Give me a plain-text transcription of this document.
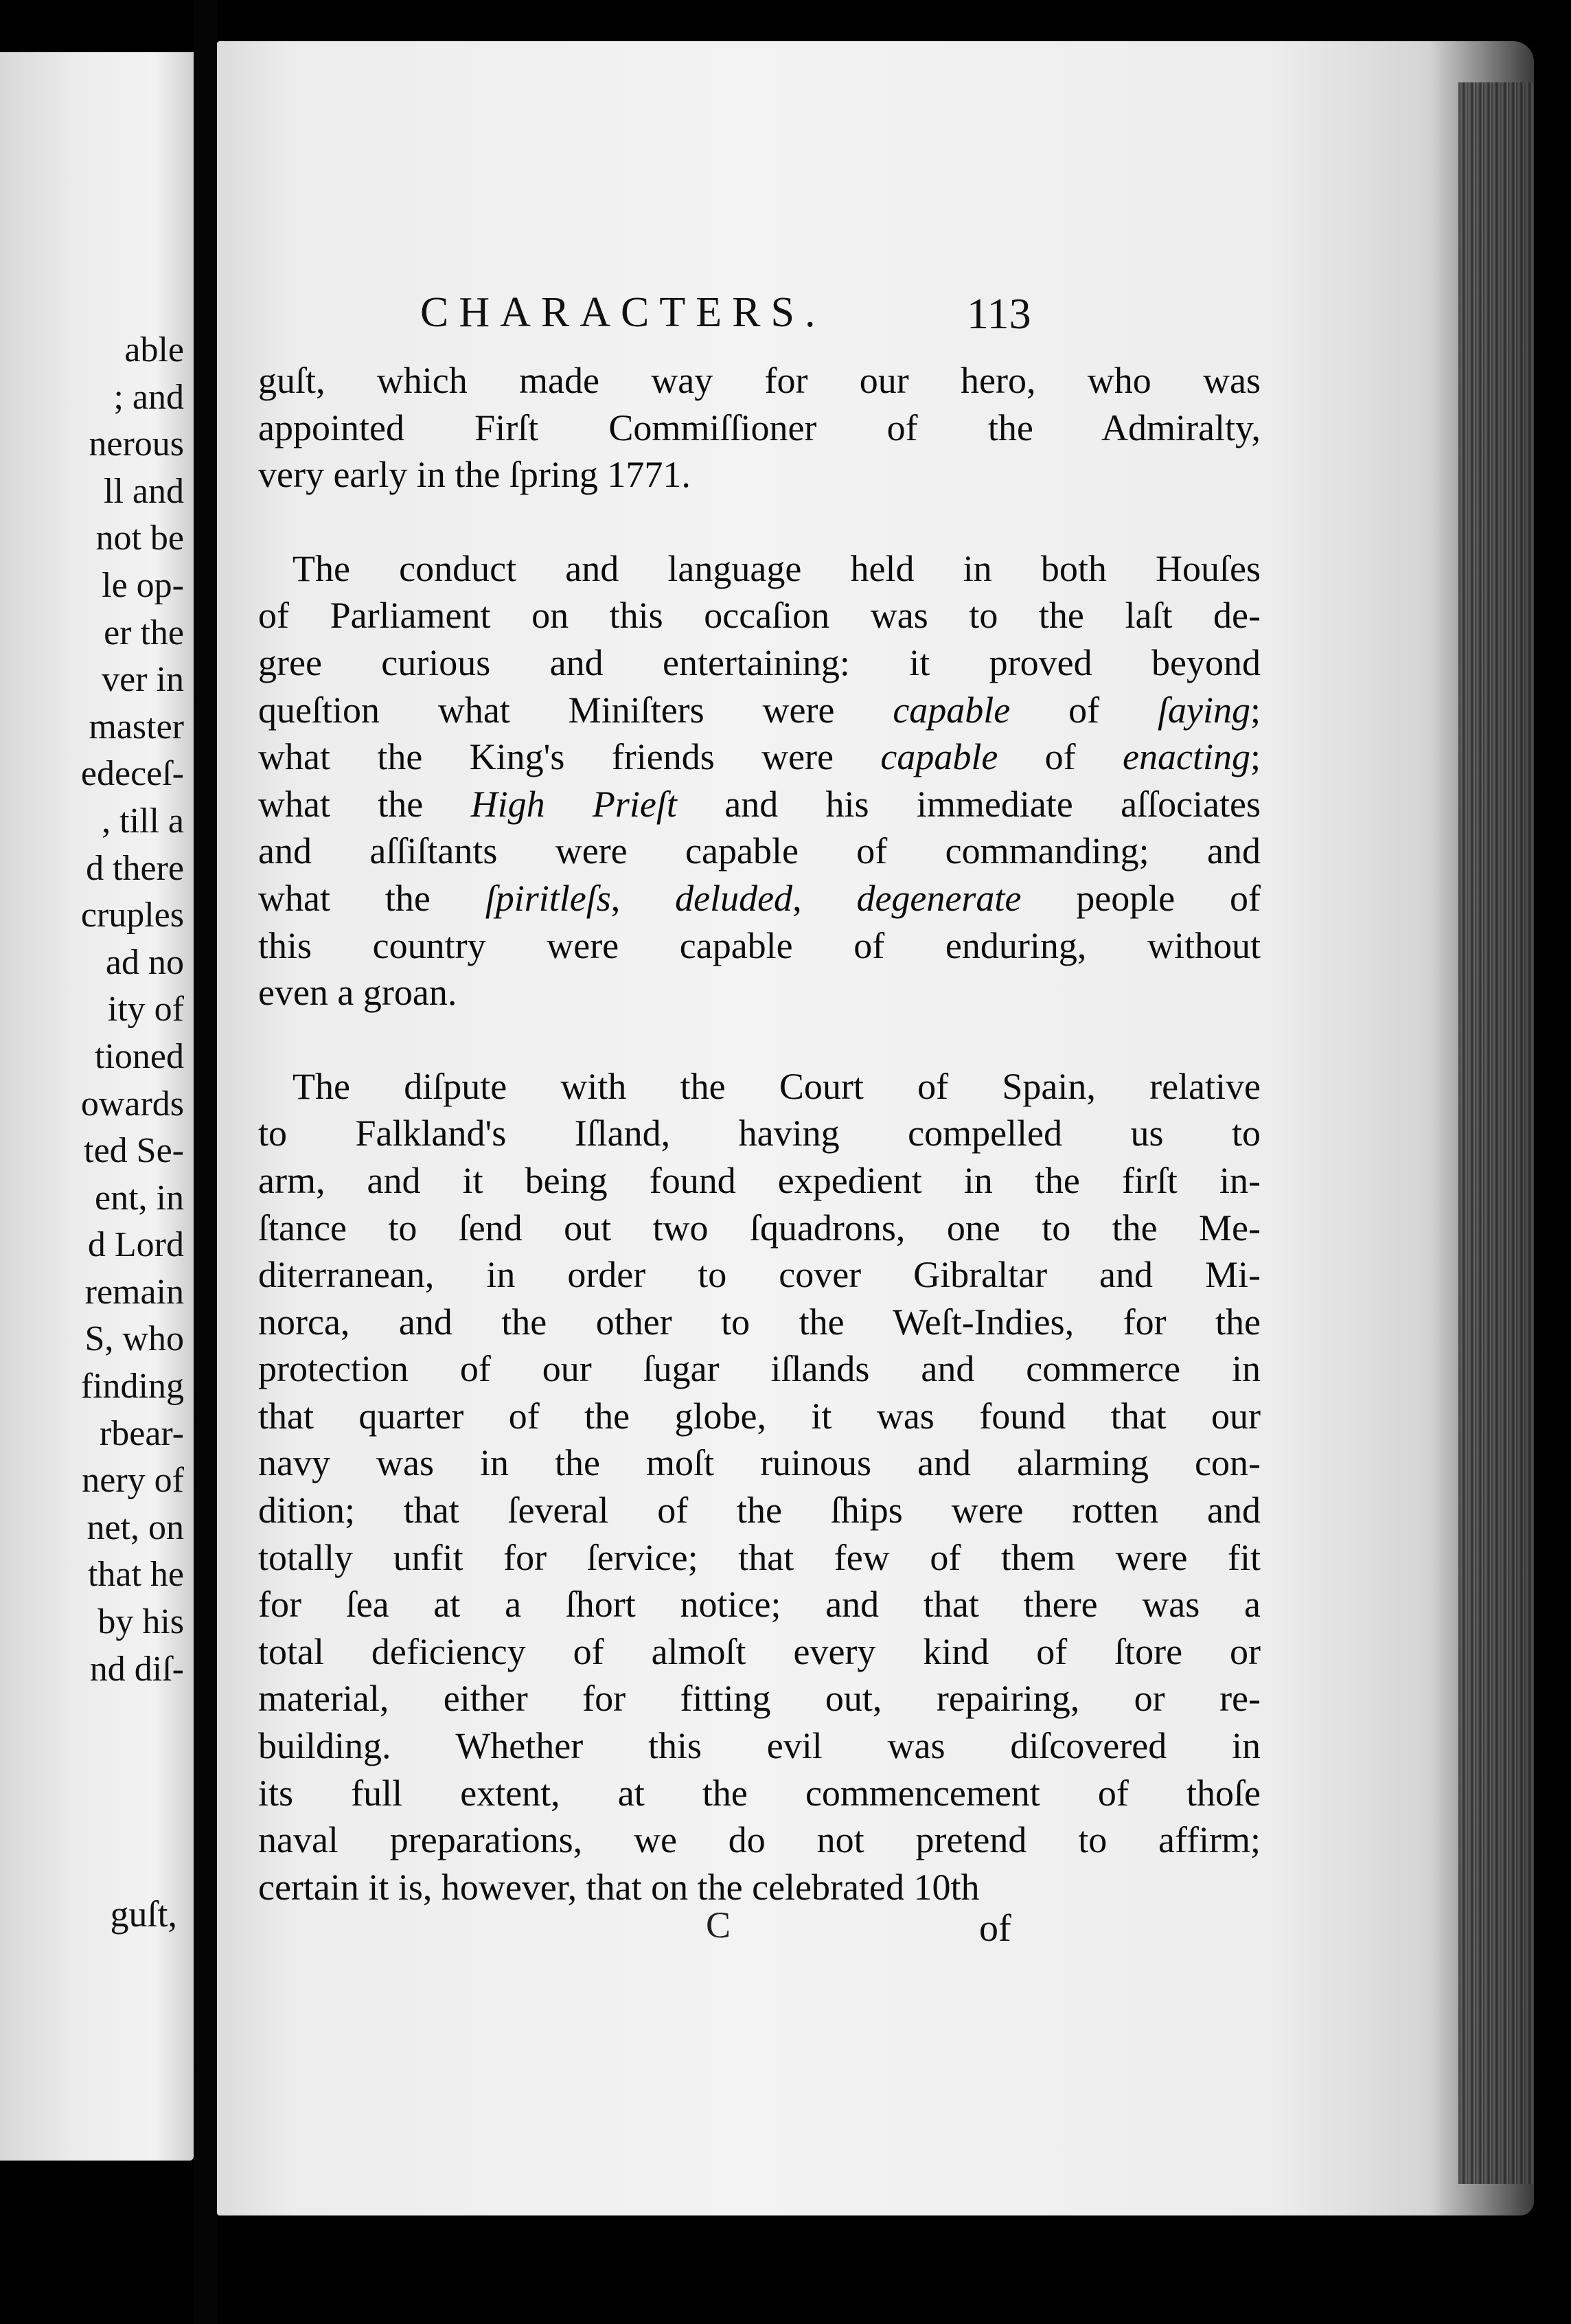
able
; and
nerous
ll and
not be
le op-
er the
ver in
master
edeceſ-
, till a
d there
cruples
ad no
ity of
tioned
owards
ted Se-
ent, in
d Lord
remain
S, who
finding
rbear-
nery of
net, on
that he
by his
nd diſ-
guſt,
CHARACTERS.	113

guſt, which made way for our hero, who was
appointed Firſt Commiſſioner of the Admiralty,
very early in the ſpring 1771.

The conduct and language held in both Houſes
of Parliament on this occaſion was to the laſt de-
gree curious and entertaining: it proved beyond
queſtion what Miniſters were capable of ſaying;
what the King's friends were capable of enacting;
what the High Prieſt and his immediate aſſociates
and aſſiſtants were capable of commanding; and
what the ſpiritleſs, deluded, degenerate people of
this country were capable of enduring, without
even a groan.

The diſpute with the Court of Spain, relative
to Falkland's Iſland, having compelled us to
arm, and it being found expedient in the firſt in-
ſtance to ſend out two ſquadrons, one to the Me-
diterranean, in order to cover Gibraltar and Mi-
norca, and the other to the Weſt-Indies, for the
protection of our ſugar iſlands and commerce in
that quarter of the globe, it was found that our
navy was in the moſt ruinous and alarming con-
dition; that ſeveral of the ſhips were rotten and
totally unfit for ſervice; that few of them were fit
for ſea at a ſhort notice; and that there was a
total deficiency of almoſt every kind of ſtore or
material, either for fitting out, repairing, or re-
building. Whether this evil was diſcovered in
its full extent, at the commencement of thoſe
naval preparations, we do not pretend to affirm;
certain it is, however, that on the celebrated 10th

C	of
